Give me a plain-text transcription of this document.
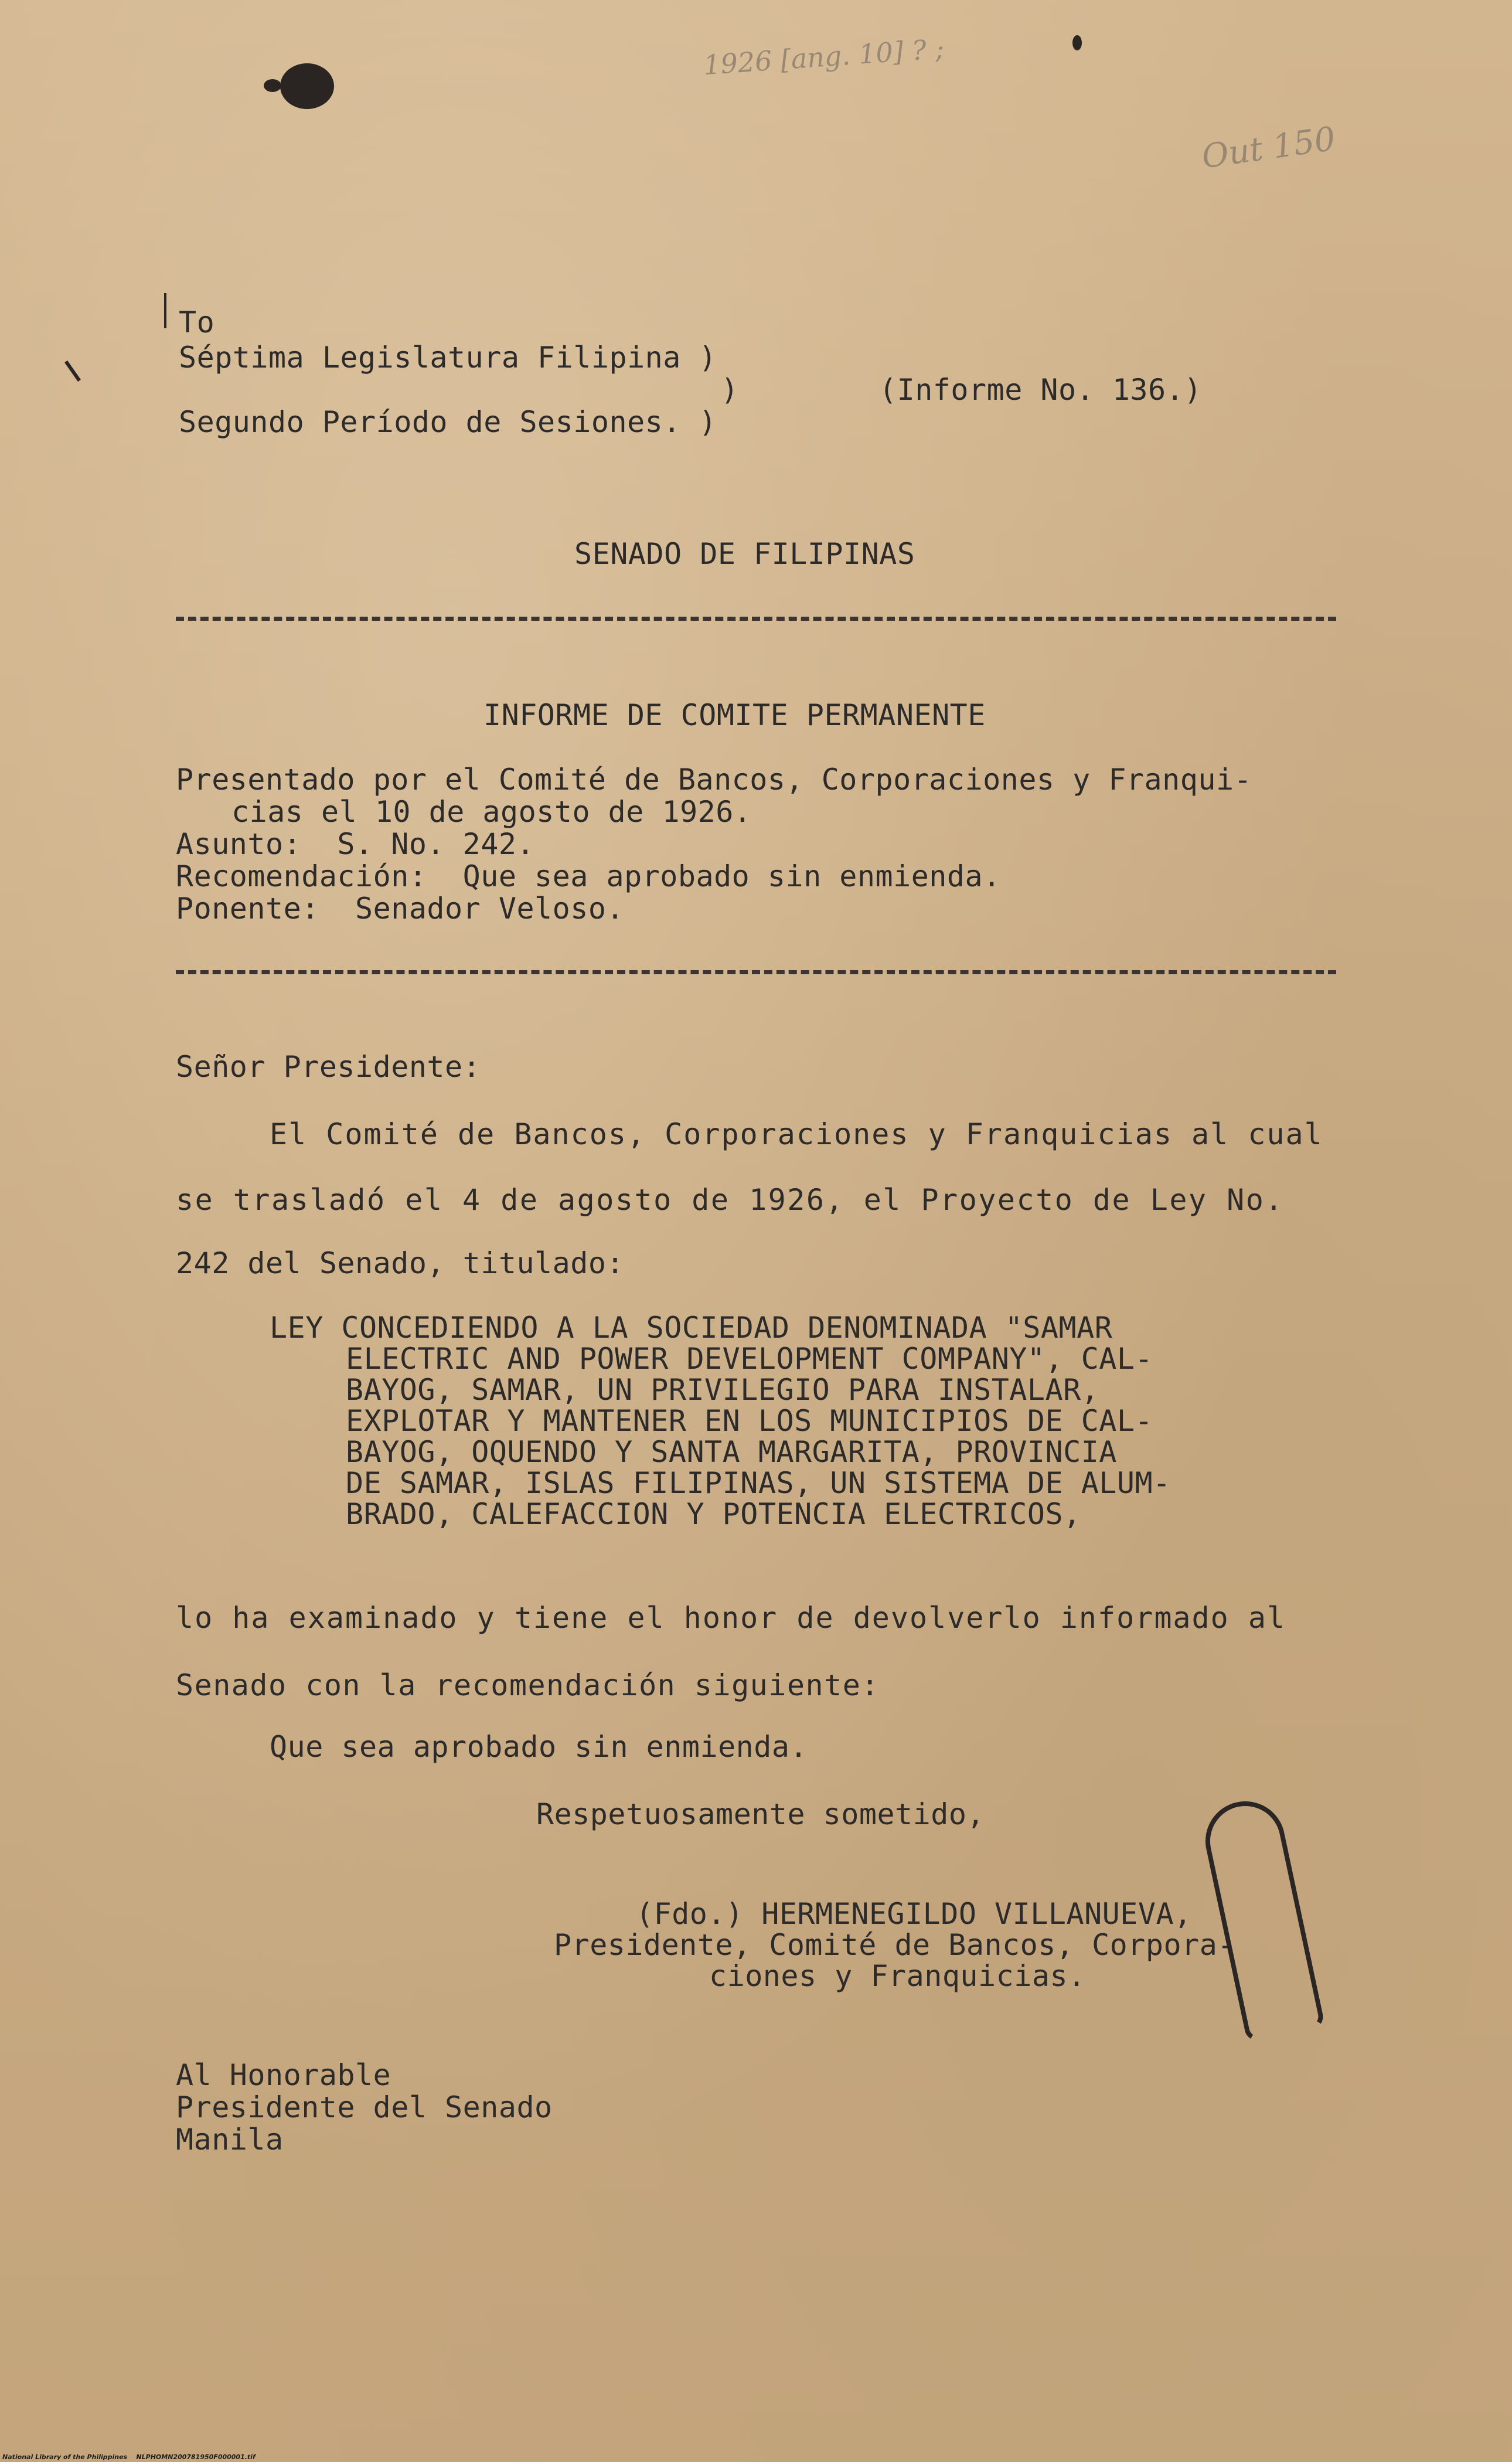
1926 [ang. 10] ? ;
Out 150
To
Séptima Legislatura Filipina )
)
Segundo Período de Sesiones. )
(Informe No. 136.)
SENADO DE FILIPINAS
INFORME DE COMITE PERMANENTE
Presentado por el Comité de Bancos, Corporaciones y Franqui-
cias el 10 de agosto de 1926.
Asunto:  S. No. 242.
Recomendación:  Que sea aprobado sin enmienda.
Ponente:  Senador Veloso.
Señor Presidente:
El Comité de Bancos, Corporaciones y Franquicias al cual
se trasladó el 4 de agosto de 1926, el Proyecto de Ley No.
242 del Senado, titulado:
LEY CONCEDIENDO A LA SOCIEDAD DENOMINADA "SAMAR
ELECTRIC AND POWER DEVELOPMENT COMPANY", CAL-
BAYOG, SAMAR, UN PRIVILEGIO PARA INSTALAR,
EXPLOTAR Y MANTENER EN LOS MUNICIPIOS DE CAL-
BAYOG, OQUENDO Y SANTA MARGARITA, PROVINCIA
DE SAMAR, ISLAS FILIPINAS, UN SISTEMA DE ALUM-
BRADO, CALEFACCION Y POTENCIA ELECTRICOS,
lo ha examinado y tiene el honor de devolverlo informado al
Senado con la recomendación siguiente:
Que sea aprobado sin enmienda.
Respetuosamente sometido,
(Fdo.) HERMENEGILDO VILLANUEVA,
Presidente, Comité de Bancos, Corpora-
ciones y Franquicias.
Al Honorable
Presidente del Senado
Manila
National Library of the Philippines    NLPHOMN200781950F000001.tif
